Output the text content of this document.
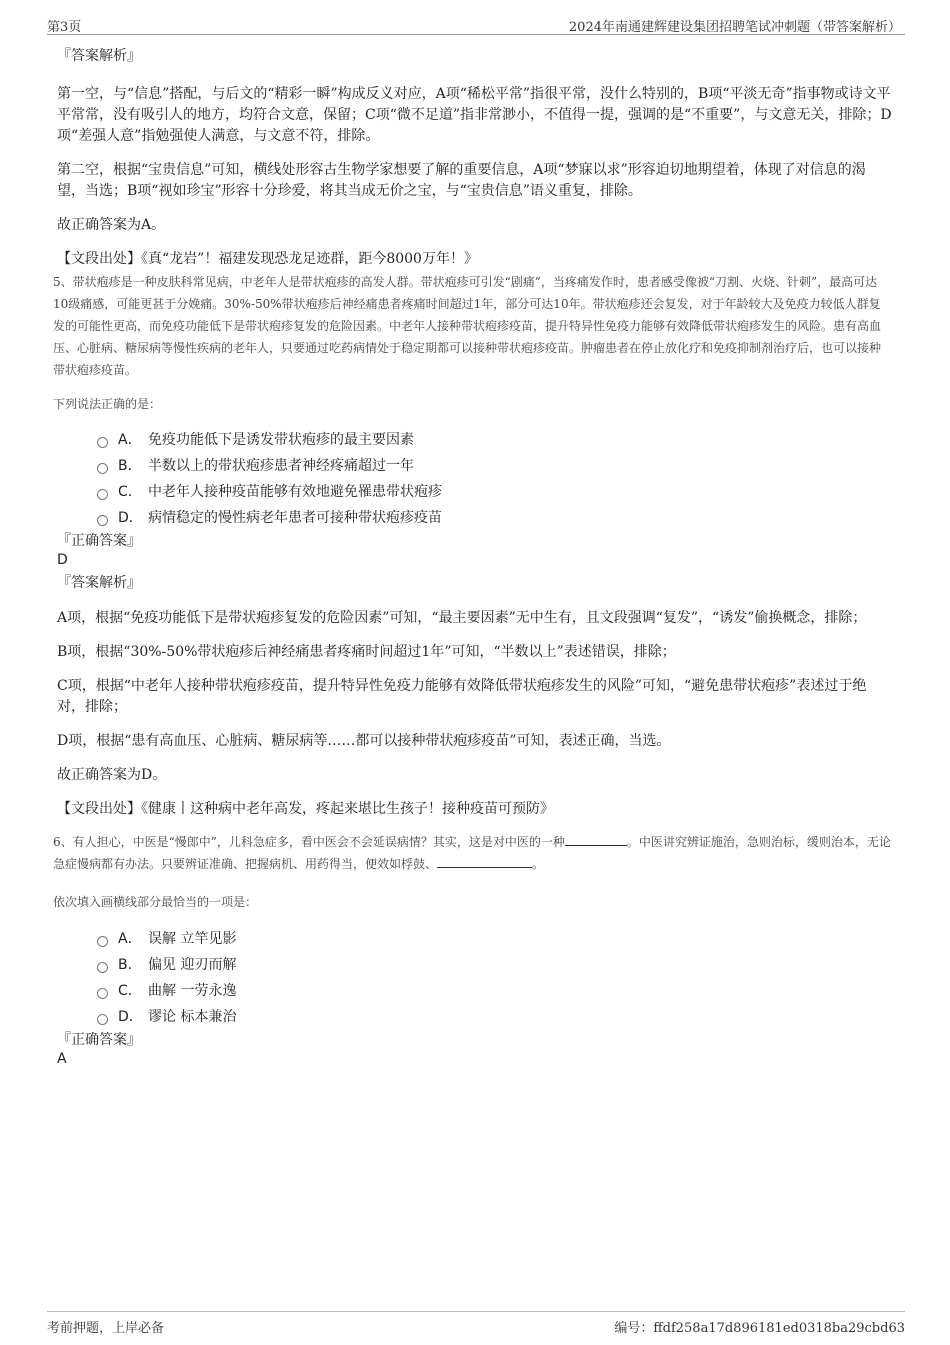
第3页	2024年南通建辉建设集团招聘笔试冲刺题（带答案解析）
『答案解析』
第一空，与“信息”搭配，与后文的“精彩一瞬”构成反义对应，A项“稀松平常”指很平常，没什么特别的，B项“平淡无奇”指事物或诗文平平常常，没有吸引人的地方，均符合文意，保留；C项“微不足道”指非常渺小，不值得一提，强调的是“不重要”，与文意无关，排除；D项“差强人意”指勉强使人满意，与文意不符，排除。
第二空，根据“宝贵信息”可知，横线处形容古生物学家想要了解的重要信息，A项“梦寐以求”形容迫切地期望着，体现了对信息的渴望，当选；B项“视如珍宝”形容十分珍爱，将其当成无价之宝，与“宝贵信息”语义重复，排除。
故正确答案为A。
【文段出处】《真“龙岩”！福建发现恐龙足迹群，距今8000万年！》
5、带状疱疹是一种皮肤科常见病，中老年人是带状疱疹的高发人群。带状疱疹可引发“剧痛”，当疼痛发作时，患者感受像被“刀割、火烧、针刺”，最高可达10级痛感，可能更甚于分娩痛。30%-50%带状疱疹后神经痛患者疼痛时间超过1年，部分可达10年。带状疱疹还会复发，对于年龄较大及免疫力较低人群复发的可能性更高，而免疫功能低下是带状疱疹复发的危险因素。中老年人接种带状疱疹疫苗，提升特异性免疫力能够有效降低带状疱疹发生的风险。患有高血压、心脏病、糖尿病等慢性疾病的老年人，只要通过吃药病情处于稳定期都可以接种带状疱疹疫苗。肿瘤患者在停止放化疗和免疫抑制剂治疗后，也可以接种带状疱疹疫苗。
下列说法正确的是：
A． 免疫功能低下是诱发带状疱疹的最主要因素
B． 半数以上的带状疱疹患者神经疼痛超过一年
C． 中老年人接种疫苗能够有效地避免罹患带状疱疹
D． 病情稳定的慢性病老年患者可接种带状疱疹疫苗
『正确答案』
D
『答案解析』
A项，根据“免疫功能低下是带状疱疹复发的危险因素”可知，“最主要因素”无中生有，且文段强调“复发”，“诱发”偷换概念，排除；
B项，根据“30%-50%带状疱疹后神经痛患者疼痛时间超过1年”可知，“半数以上”表述错误，排除；
C项，根据“中老年人接种带状疱疹疫苗，提升特异性免疫力能够有效降低带状疱疹发生的风险”可知，“避免患带状疱疹”表述过于绝对，排除；
D项，根据“患有高血压、心脏病、糖尿病等……都可以接种带状疱疹疫苗”可知，表述正确，当选。
故正确答案为D。
【文段出处】《健康丨这种病中老年高发，疼起来堪比生孩子！接种疫苗可预防》
6、有人担心，中医是“慢郎中”，儿科急症多，看中医会不会延误病情？其实，这是对中医的一种	。中医讲究辨证施治，急则治标，缓则治本，无论急症慢病都有办法。只要辨证准确、把握病机、用药得当，便效如桴鼓、	。
依次填入画横线部分最恰当的一项是：
A． 误解 立竿见影
B． 偏见 迎刃而解
C． 曲解 一劳永逸
D． 谬论 标本兼治
『正确答案』
A
考前押题，上岸必备	编号：ffdf258a17d896181ed0318ba29cbd63
